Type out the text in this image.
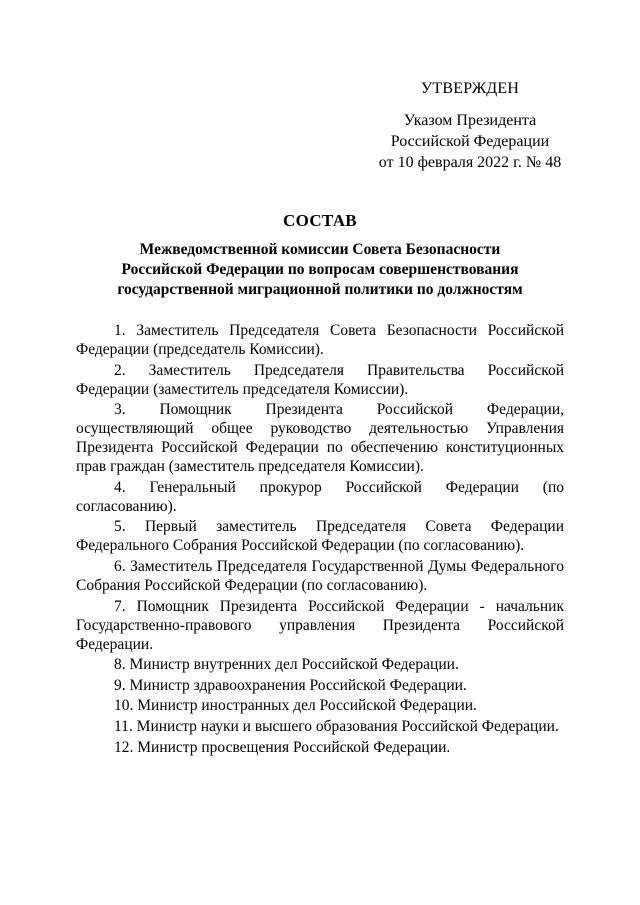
УТВЕРЖДЕН
Указом Президента
Российской Федерации
от 10 февраля 2022 г. № 48
СОСТАВ
Межведомственной комиссии Совета Безопасности
Российской Федерации по вопросам совершенствования
государственной миграционной политики по должностям

1. Заместитель Председателя Совета Безопасности Российской Федерации (председатель Комиссии).

2. Заместитель Председателя Правительства Российской Федерации (заместитель председателя Комиссии).

3. Помощник Президента Российской Федерации, осуществляющий общее руководство деятельностью Управления Президента Российской Федерации по обеспечению конституционных прав граждан (заместитель председателя Комиссии).

4. Генеральный прокурор Российской Федерации (по согласованию).

5. Первый заместитель Председателя Совета Федерации Федерального Собрания Российской Федерации (по согласованию).

6. Заместитель Председателя Государственной Думы Федерального Собрания Российской Федерации (по согласованию).

7. Помощник Президента Российской Федерации - начальник Государственно-правового управления Президента Российской Федерации.

8. Министр внутренних дел Российской Федерации.

9. Министр здравоохранения Российской Федерации.

10. Министр иностранных дел Российской Федерации.

11. Министр науки и высшего образования Российской Федерации.

12. Министр просвещения Российской Федерации.
